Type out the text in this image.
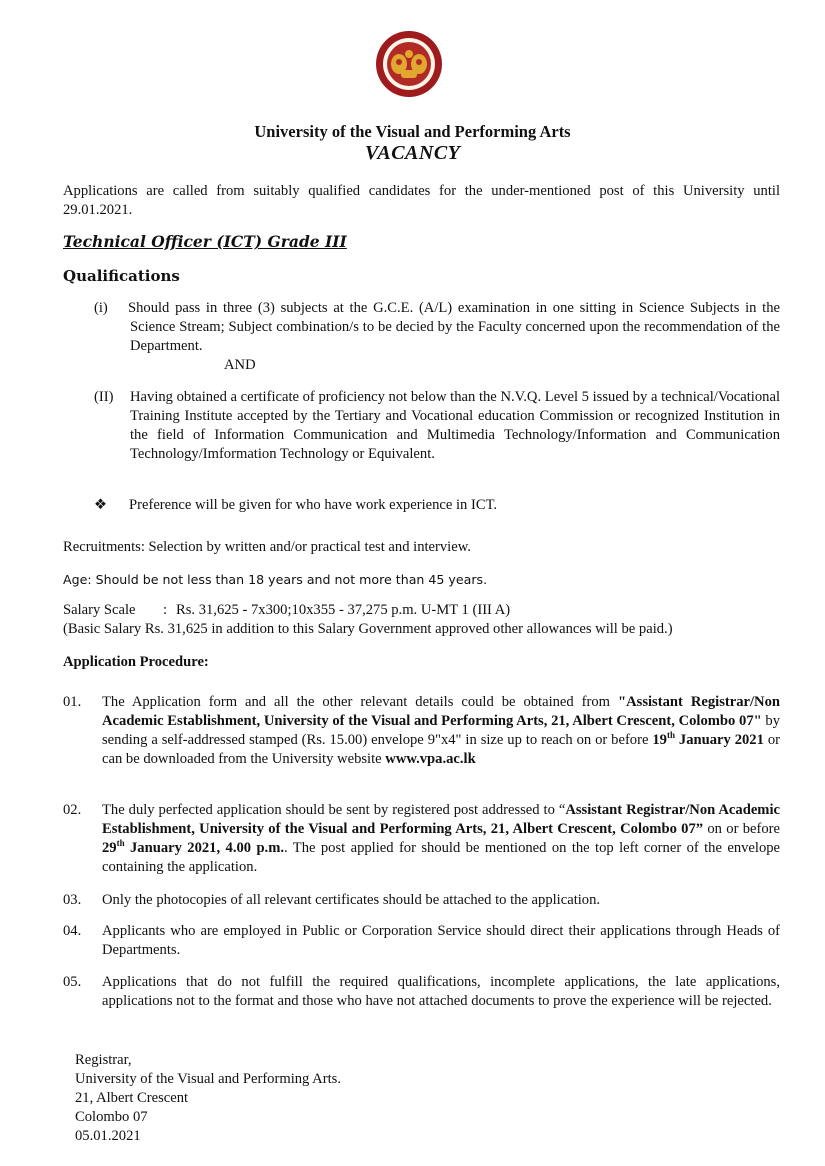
University of the Visual and Performing Arts
VACANCY
Applications are called from suitably qualified candidates for the under-mentioned post of this University until 29.01.2021.
Technical Officer (ICT) Grade III
Qualifications
(i) Should pass in three (3) subjects at the G.C.E. (A/L) examination in one sitting in Science Subjects in the Science Stream; Subject combination/s to be decied by the Faculty concerned upon the recommendation of the Department.
AND
(II) Having obtained a certificate of proficiency not below than the N.V.Q. Level 5 issued by a technical/Vocational Training Institute accepted by the Tertiary and Vocational education Commission or recognized Institution in the field of Information Communication and Multimedia Technology/Information and Communication Technology/Imformation Technology or Equivalent.
❖ Preference will be given for who have work experience in ICT.
Recruitments: Selection by written and/or practical test and interview.
Age: Should be not less than 18 years and not more than 45 years.
Salary Scale : Rs. 31,625 - 7x300;10x355 - 37,275 p.m. U-MT 1 (III A)
(Basic Salary Rs. 31,625 in addition to this Salary Government approved other allowances will be paid.)
Application Procedure:
01. The Application form and all the other relevant details could be obtained from "Assistant Registrar/Non Academic Establishment, University of the Visual and Performing Arts, 21, Albert Crescent, Colombo 07" by sending a self-addressed stamped (Rs. 15.00) envelope 9"x4" in size up to reach on or before 19th January 2021 or can be downloaded from the University website www.vpa.ac.lk
02. The duly perfected application should be sent by registered post addressed to “Assistant Registrar/Non Academic Establishment, University of the Visual and Performing Arts, 21, Albert Crescent, Colombo 07” on or before 29th January 2021, 4.00 p.m.. The post applied for should be mentioned on the top left corner of the envelope containing the application.
03. Only the photocopies of all relevant certificates should be attached to the application.
04. Applicants who are employed in Public or Corporation Service should direct their applications through Heads of Departments.
05. Applications that do not fulfill the required qualifications, incomplete applications, the late applications, applications not to the format and those who have not attached documents to prove the experience will be rejected.
Registrar,
University of the Visual and Performing Arts.
21, Albert Crescent
Colombo 07
05.01.2021
